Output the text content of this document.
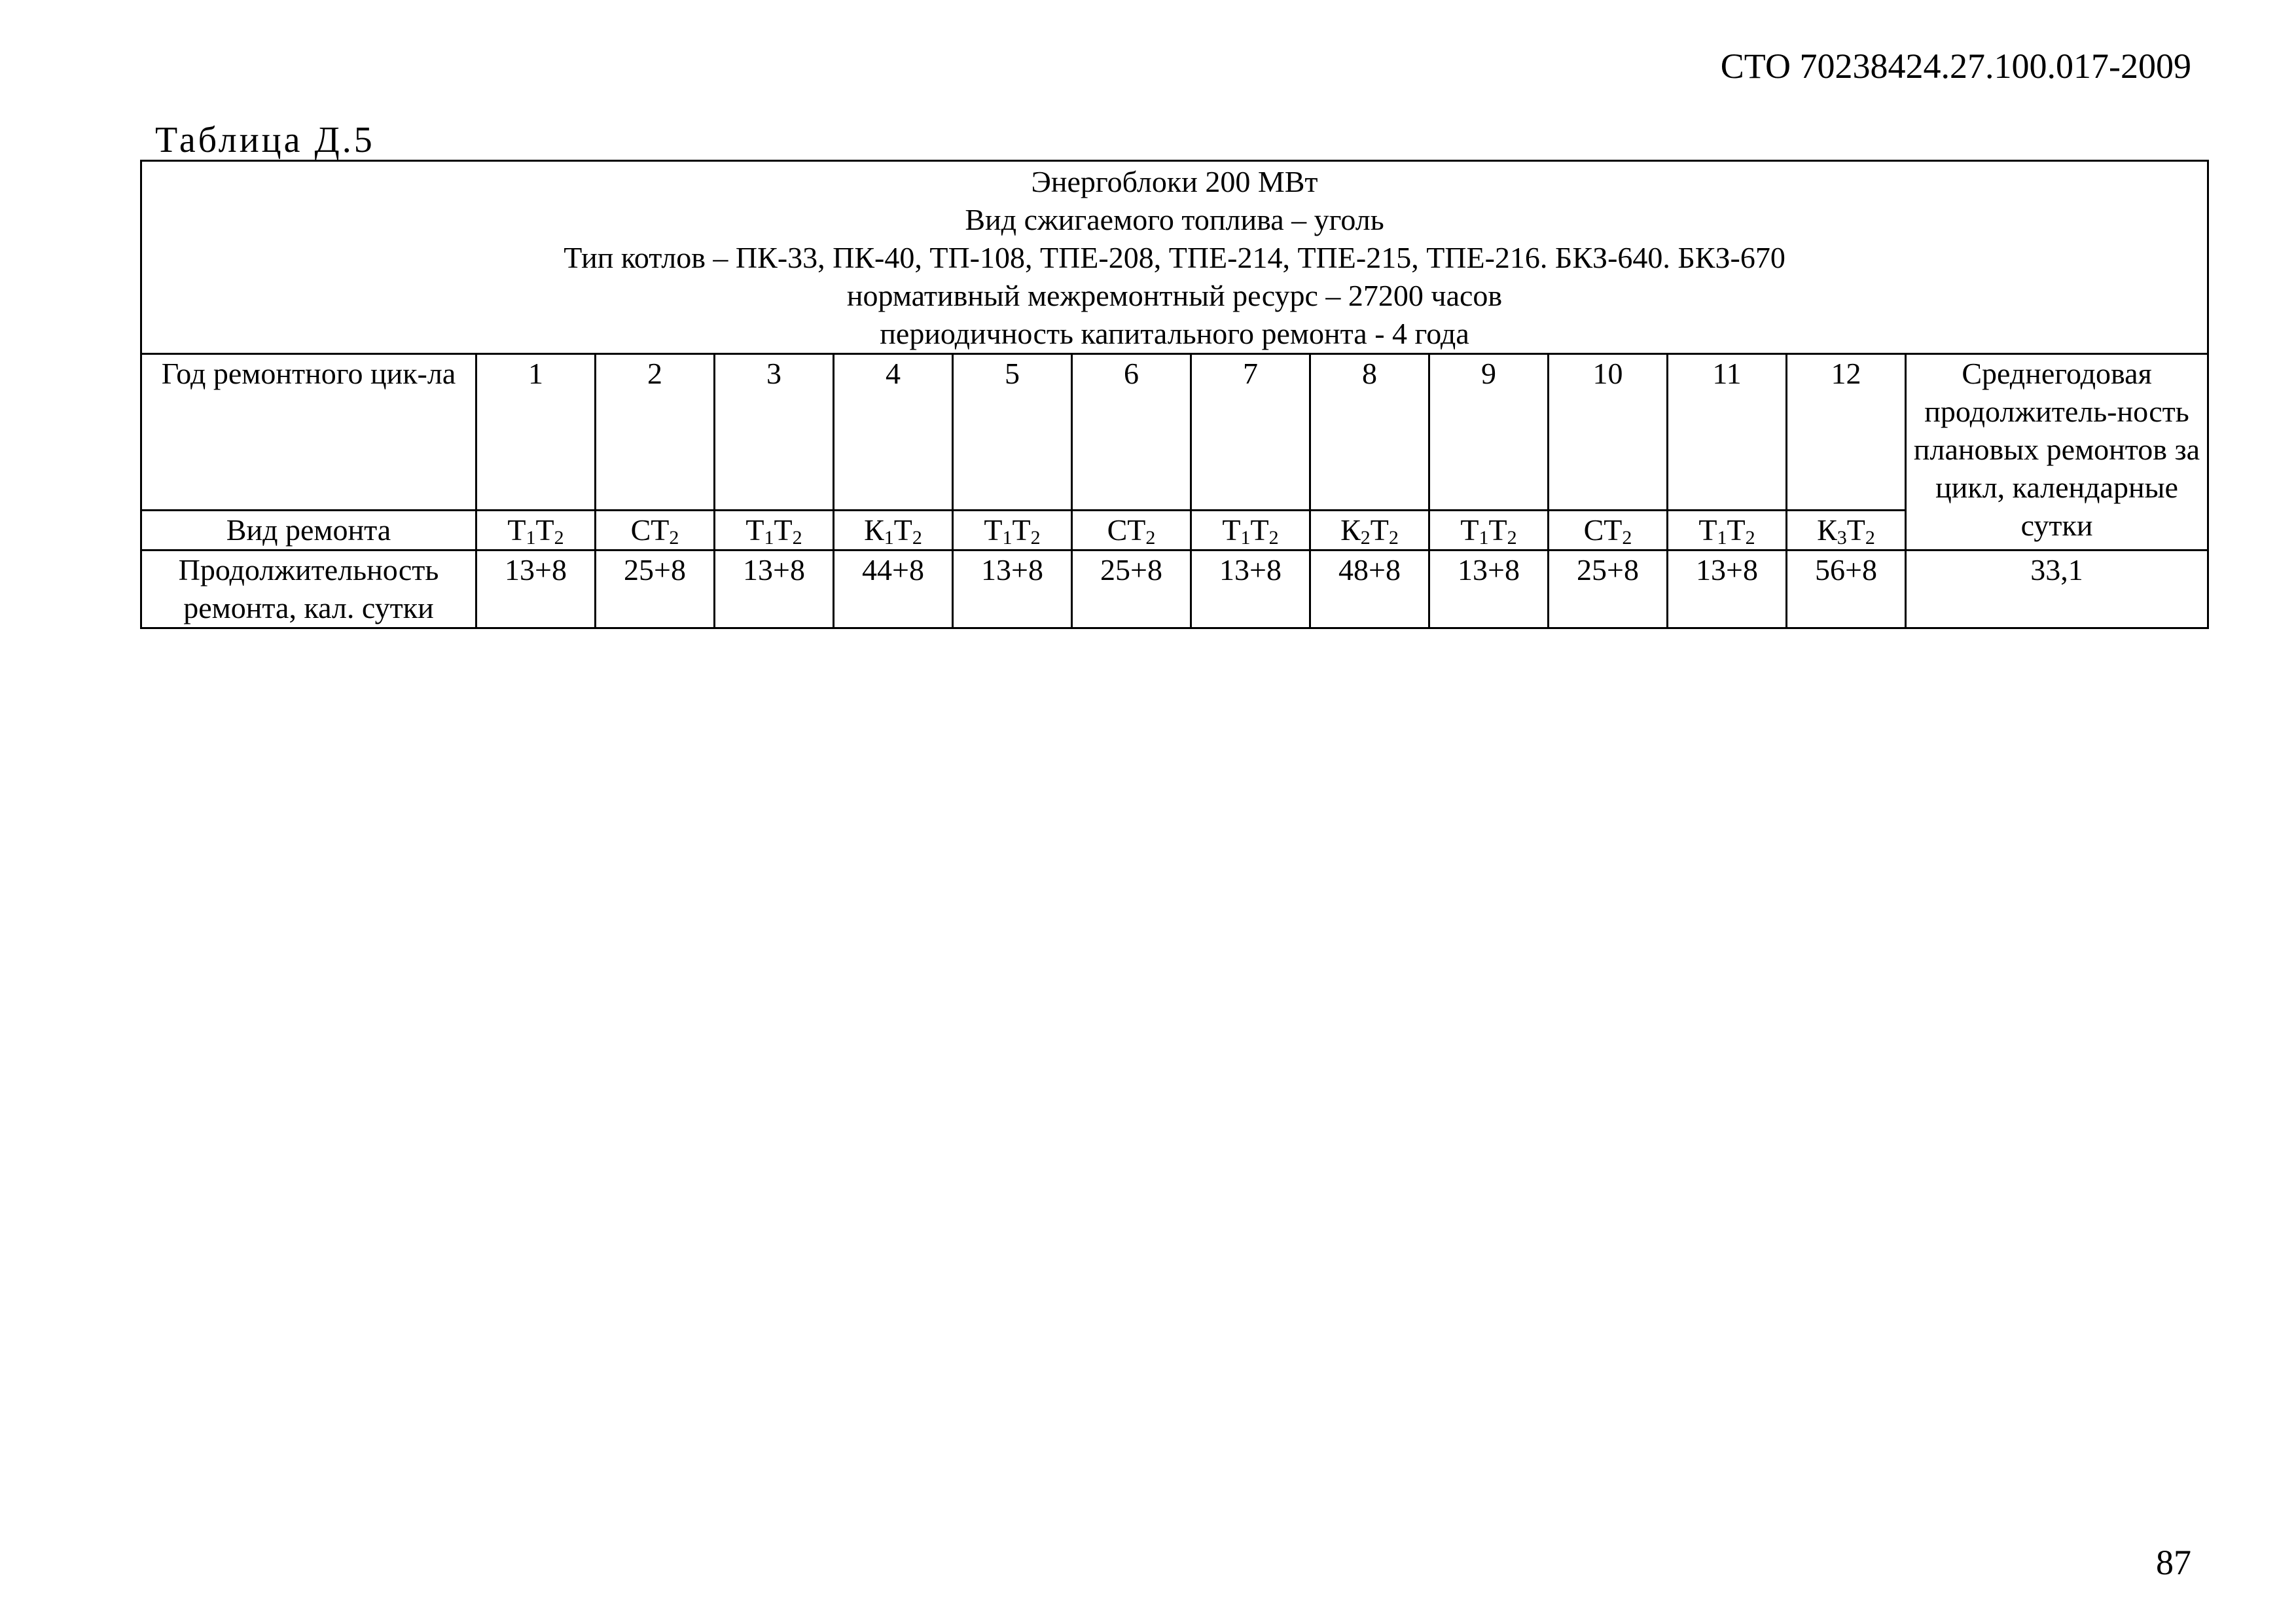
СТО 70238424.27.100.017-2009
Таблица Д.5
Энергоблоки 200 МВт
Вид сжигаемого топлива – уголь
Тип котлов – ПК-33, ПК-40, ТП-108, ТПЕ-208, ТПЕ-214, ТПЕ-215, ТПЕ-216. БКЗ-640. БКЗ-670
нормативный межремонтный ресурс – 27200 часов
периодичность капитального ремонта - 4 года													

Год ремонтного цик-ла	1	2	3	4	5	6	7	8	9	10	11	12	Среднегодовая продолжитель-ность плановых ремонтов за цикл, календарные сутки
Вид ремонта	$Т_1Т_2$	$СТ_2$	$Т_1Т_2$	$К_1Т_2$	$Т_1Т_2$	$СТ_2$	$Т_1Т_2$	$К_2Т_2$	$Т_1Т_2$	$СТ_2$	$Т_1Т_2$	$К_3Т_2$
Продолжительность ремонта, кал. сутки	13+8	25+8	13+8	44+8	13+8	25+8	13+8	48+8	13+8	25+8	13+8	56+8	33,1
87
